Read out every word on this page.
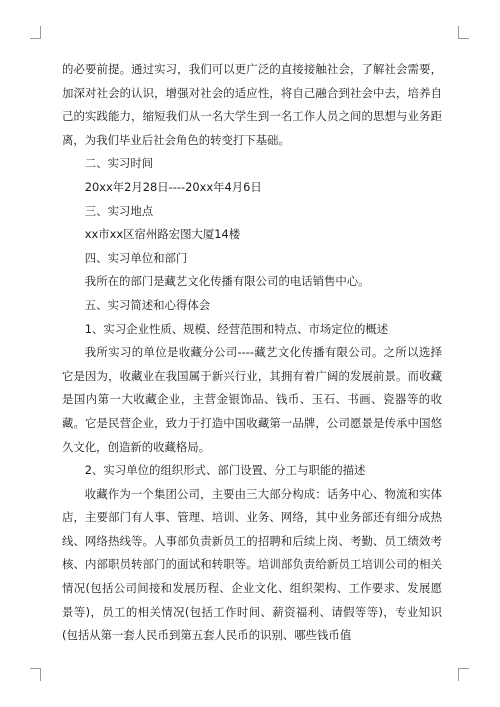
的必要前提。通过实习，我们可以更广泛的直接接触社会，了解社会需要，加深对社会的认识，增强对社会的适应性，将自己融合到社会中去，培养自己的实践能力，缩短我们从一名大学生到一名工作人员之间的思想与业务距离，为我们毕业后社会角色的转变打下基础。

二、实习时间

20xx年2月28日----20xx年4月6日

三、实习地点

xx市xx区宿州路宏图大厦14楼

四、实习单位和部门

我所在的部门是藏艺文化传播有限公司的电话销售中心。

五、实习简述和心得体会

1、实习企业性质、规模、经营范围和特点、市场定位的概述

我所实习的单位是收藏分公司----藏艺文化传播有限公司。之所以选择它是因为，收藏业在我国属于新兴行业，其拥有着广阔的发展前景。而收藏是国内第一大收藏企业，主营金银饰品、钱币、玉石、书画、瓷器等的收藏。它是民营企业，致力于打造中国收藏第一品牌，公司愿景是传承中国悠久文化，创造新的收藏格局。

2、实习单位的组织形式、部门设置、分工与职能的描述

收藏作为一个集团公司，主要由三大部分构成：话务中心、物流和实体店，主要部门有人事、管理、培训、业务、网络，其中业务部还有细分成热线、网络热线等。人事部负责新员工的招聘和后续上岗、考勤、员工绩效考核、内部职员转部门的面试和转职等。培训部负责给新员工培训公司的相关情况(包括公司间接和发展历程、企业文化、组织架构、工作要求、发展愿景等)，员工的相关情况(包括工作时间、薪资福利、请假等等)，专业知识(包括从第一套人民币到第五套人民币的识别、哪些钱币值
